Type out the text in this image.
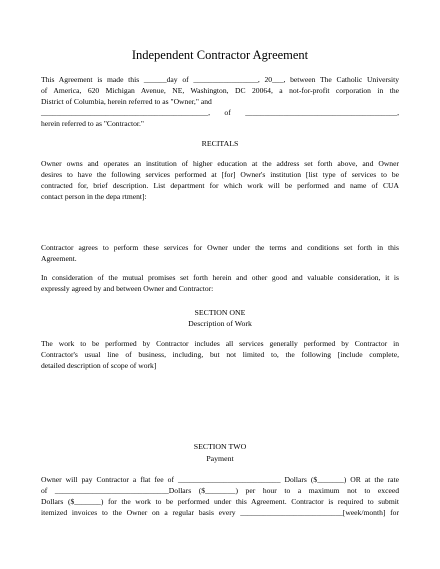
Independent Contractor Agreement
This Agreement is made this ______day of _________________, 20___, between The Catholic University
of America, 620 Michigan Avenue, NE, Washington, DC 20064, a not-for-profit corporation in the
District of Columbia, herein referred to as "Owner," and
____________________________________________, of ________________________________________,
herein referred to as "Contractor."
RECITALS
Owner owns and operates an institution of higher education at the address set forth above, and Owner
desires to have the following services performed at [for] Owner's institution [list type of services to be
contracted for, brief description. List department for which work will be performed and name of CUA
contact person in the depa rtment]:
Contractor agrees to perform these services for Owner under the terms and conditions set forth in this
Agreement.
In consideration of the mutual promises set forth herein and other good and valuable consideration, it is
expressly agreed by and between Owner and Contractor:
SECTION ONE
Description of Work
The work to be performed by Contractor includes all services generally performed by Contractor in
Contractor's usual line of business, including, but not limited to, the following [include complete,
detailed description of scope of work]
SECTION TWO
Payment
Owner will pay Contractor a flat fee of ___________________________ Dollars ($_______) OR at the rate
of ______________________________Dollars ($________) per hour to a maximum not to exceed
Dollars ($_______) for the work to be performed under this Agreement. Contractor is required to submit
itemized invoices to the Owner on a regular basis every ___________________________[week/month] for
